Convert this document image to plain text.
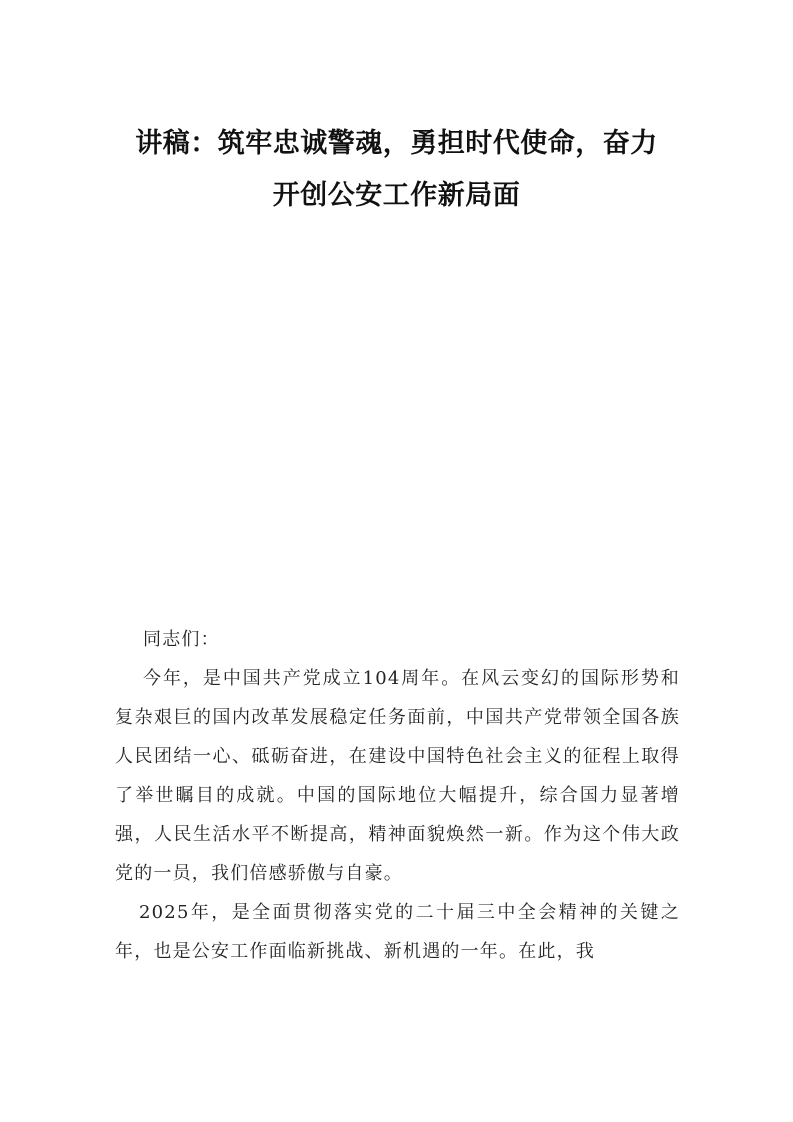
讲稿：筑牢忠诚警魂，勇担时代使命，奋力
开创公安工作新局面

同志们：

今年，是中国共产党成立104周年。在风云变幻的国际形势和复杂艰巨的国内改革发展稳定任务面前，中国共产党带领全国各族人民团结一心、砥砺奋进，在建设中国特色社会主义的征程上取得了举世瞩目的成就。中国的国际地位大幅提升，综合国力显著增强，人民生活水平不断提高，精神面貌焕然一新。作为这个伟大政党的一员，我们倍感骄傲与自豪。

2025年，是全面贯彻落实党的二十届三中全会精神的关键之年，也是公安工作面临新挑战、新机遇的一年。在此，我
